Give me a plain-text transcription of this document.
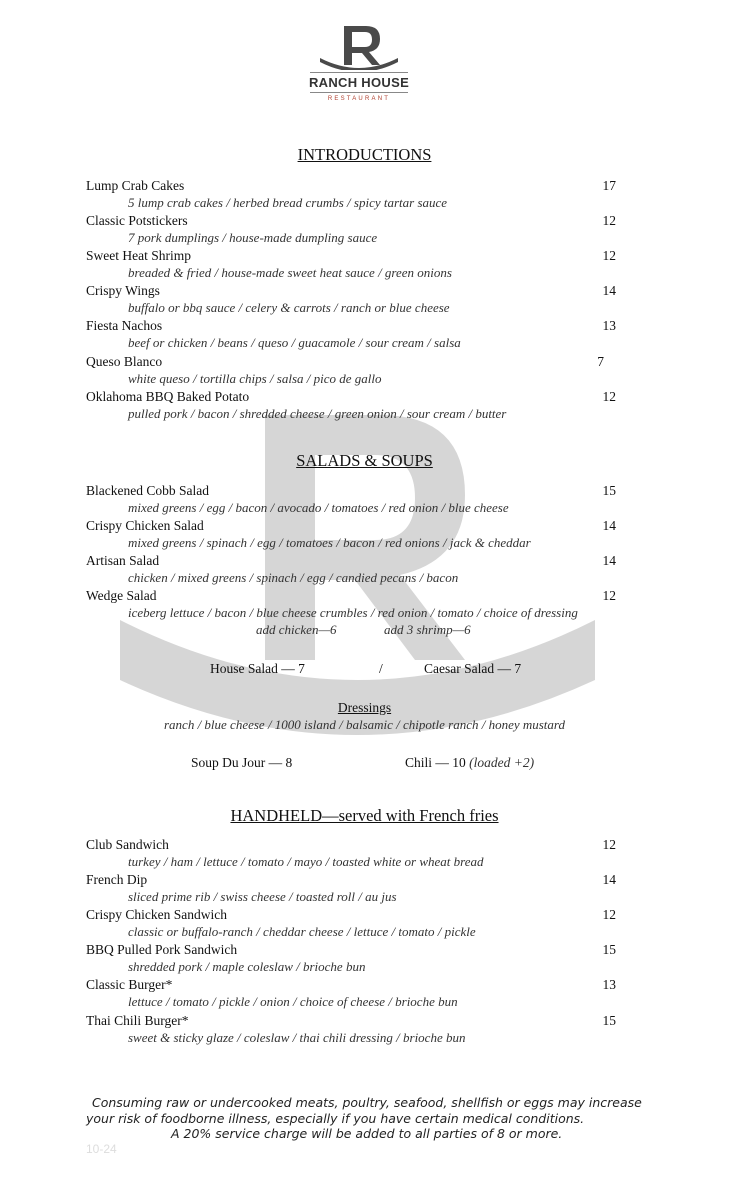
RANCH HOUSE
RESTAURANT
INTRODUCTIONS
Lump Crab Cakes	17
5 lump crab cakes / herbed bread crumbs / spicy tartar sauce
Classic Potstickers	12
7 pork dumplings / house-made dumpling sauce
Sweet Heat Shrimp	12
breaded & fried / house-made sweet heat sauce / green onions
Crispy Wings	14
buffalo or bbq sauce / celery & carrots / ranch or blue cheese
Fiesta Nachos	13
beef or chicken / beans / queso / guacamole / sour cream / salsa
Queso Blanco	7
white queso / tortilla chips / salsa / pico de gallo
Oklahoma BBQ Baked Potato	12
pulled pork / bacon / shredded cheese / green onion / sour cream / butter
SALADS & SOUPS
Blackened Cobb Salad	15
mixed greens / egg / bacon / avocado / tomatoes / red onion / blue cheese
Crispy Chicken Salad	14
mixed greens / spinach / egg / tomatoes / bacon / red onions / jack & cheddar
Artisan Salad	14
chicken / mixed greens / spinach / egg / candied pecans / bacon
Wedge Salad	12
iceberg lettuce / bacon / blue cheese crumbles / red onion / tomato / choice of dressing
add chicken—6	add 3 shrimp—6
House Salad — 7	/	Caesar Salad — 7
Dressings
ranch / blue cheese / 1000 island / balsamic / chipotle ranch / honey mustard
Soup Du Jour — 8	Chili — 10 (loaded +2)
HANDHELD—served with French fries
Club Sandwich	12
turkey / ham / lettuce / tomato / mayo / toasted white or wheat bread
French Dip	14
sliced prime rib / swiss cheese / toasted roll / au jus
Crispy Chicken Sandwich	12
classic or buffalo-ranch / cheddar cheese / lettuce / tomato / pickle
BBQ Pulled Pork Sandwich	15
shredded pork / maple coleslaw / brioche bun
Classic Burger*	13
lettuce / tomato / pickle / onion / choice of cheese / brioche bun
Thai Chili Burger*	15
sweet & sticky glaze / coleslaw / thai chili dressing / brioche bun
Consuming raw or undercooked meats, poultry, seafood, shellfish or eggs may increase
your risk of foodborne illness, especially if you have certain medical conditions.
A 20% service charge will be added to all parties of 8 or more.
10-24
